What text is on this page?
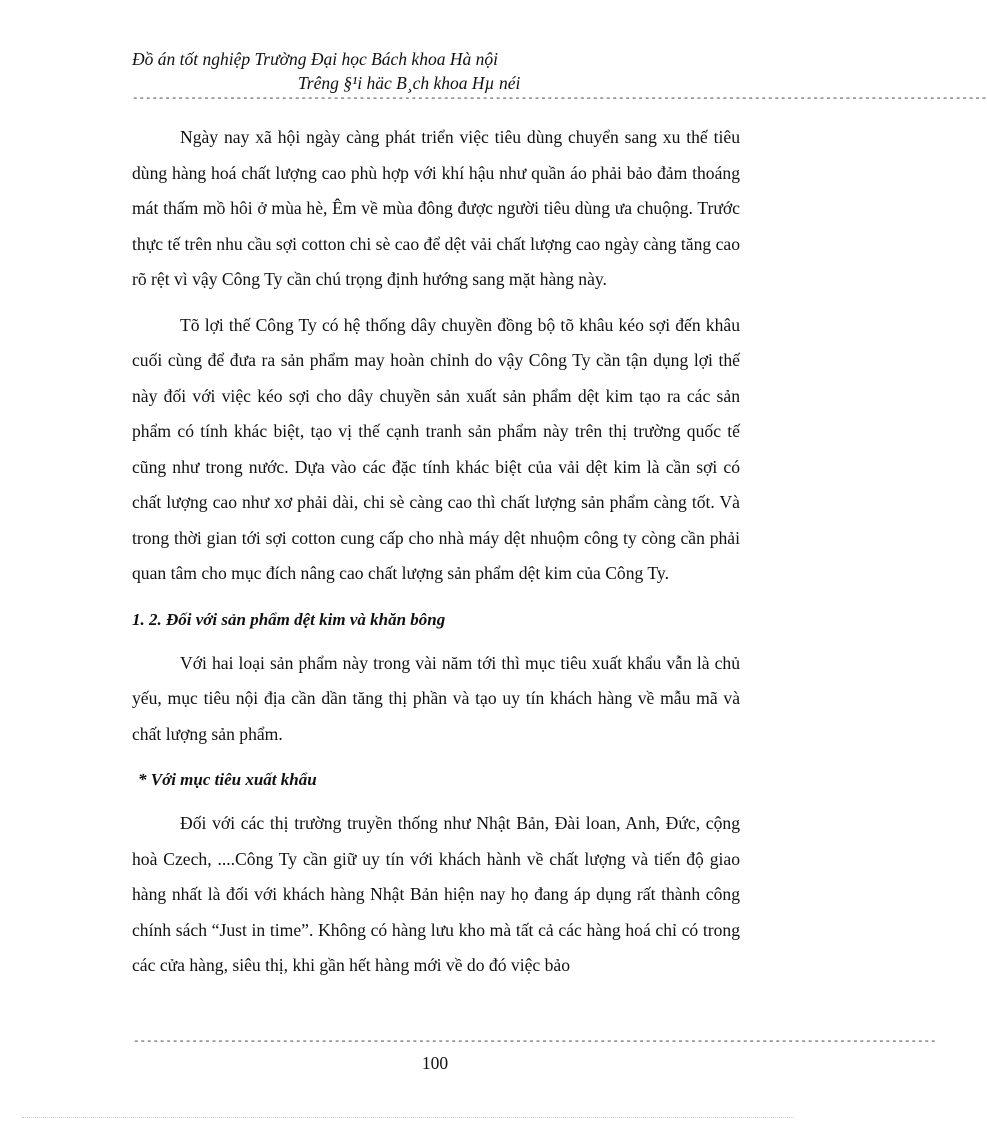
Đồ án tốt nghiệp Trường Đại học Bách khoa Hà nội
Trêng §¹i häc B¸ch khoa Hµ néi
------------------------------------------------------------------------------------------------------------------------------------

Ngày nay xã hội ngày càng phát triển việc tiêu dùng chuyển sang xu thế tiêu dùng hàng hoá chất lượng cao phù hợp với khí hậu như quần áo phải bảo đảm thoáng mát thấm mồ hôi ở mùa hè, Êm về mùa đông được người tiêu dùng ưa chuộng. Trước thực tế trên nhu cầu sợi cotton chi sè cao để dệt vải chất lượng cao ngày càng tăng cao rõ rệt vì vậy Công Ty cần chú trọng định hướng sang mặt hàng này.

Tõ lợi thế Công Ty có hệ thống dây chuyền đồng bộ tõ khâu kéo sợi đến khâu cuối cùng để đưa ra sản phẩm may hoàn chỉnh do vậy Công Ty cần tận dụng lợi thế này đối với việc kéo sợi cho dây chuyền sản xuất sản phẩm dệt kim tạo ra các sản phẩm có tính khác biệt, tạo vị thế cạnh tranh sản phẩm này trên thị trường quốc tế cũng như trong nước. Dựa vào các đặc tính khác biệt của vải dệt kim là cần sợi có chất lượng cao như xơ phải dài, chi sè càng cao thì chất lượng sản phẩm càng tốt. Và trong thời gian tới sợi cotton cung cấp cho nhà máy dệt nhuộm công ty còng cần phải quan tâm cho mục đích nâng cao chất lượng sản phẩm dệt kim của Công Ty.

1. 2. Đối với sản phẩm dệt kim và khăn bông

Với hai loại sản phẩm này trong vài năm tới thì mục tiêu xuất khẩu vẫn là chủ yếu, mục tiêu nội địa cần dần tăng thị phần và tạo uy tín khách hàng về mẫu mã và chất lượng sản phẩm.

* Với mục tiêu xuất khẩu

Đối với các thị trường truyền thống như Nhật Bản, Đài loan, Anh, Đức, cộng hoà Czech, ....Công Ty cần giữ uy tín với khách hành về chất lượng và tiến độ giao hàng nhất là đối với khách hàng Nhật Bản hiện nay họ đang áp dụng rất thành công chính sách “Just in time”. Không có hàng lưu kho mà tất cả các hàng hoá chỉ có trong các cửa hàng, siêu thị, khi gần hết hàng mới về do đó việc bảo

----------------------------------------------------------------------------------------------------------------------------
100
